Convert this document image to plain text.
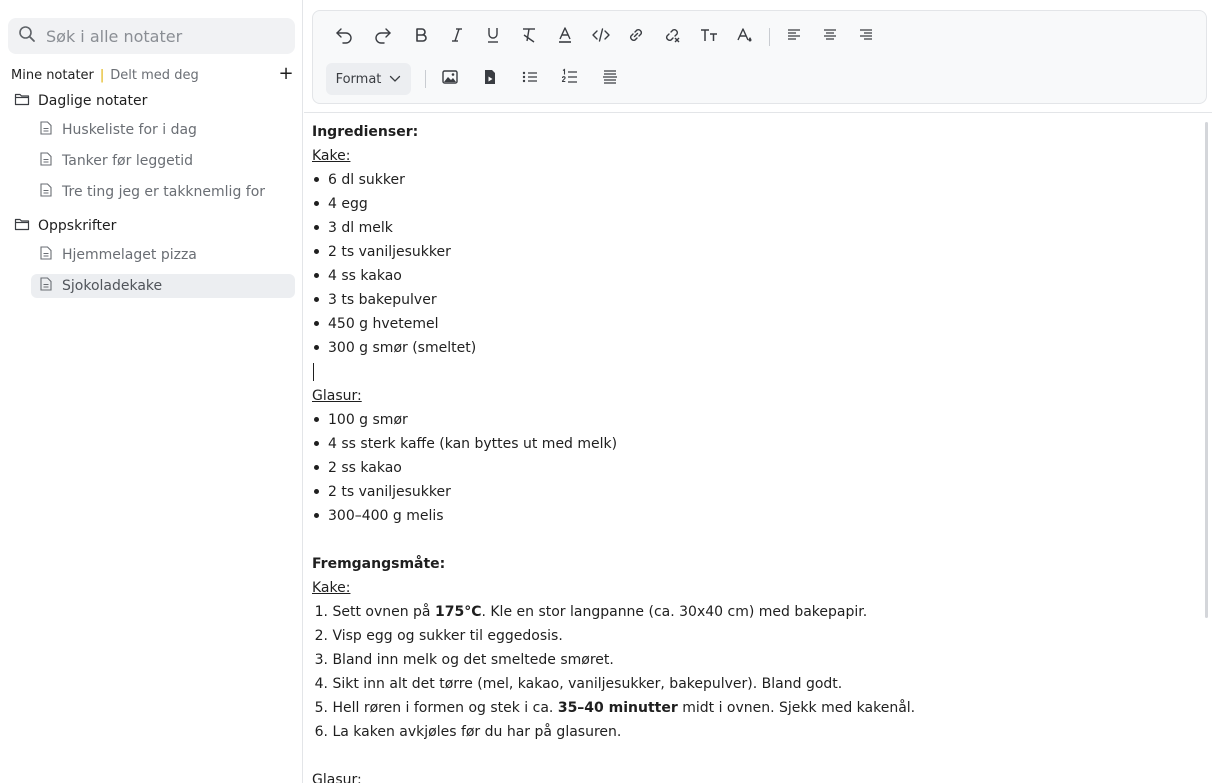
Søk i alle notater
Mine notater | Delt med deg	+
Daglige notater
Huskeliste for i dag
Tanker før leggetid
Tre ting jeg er takknemlig for
Oppskrifter
Hjemmelaget pizza
Sjokoladekake
Format
Ingredienser:
Kake:
6 dl sukker
4 egg
3 dl melk
2 ts vaniljesukker
4 ss kakao
3 ts bakepulver
450 g hvetemel
300 g smør (smeltet)
Glasur:
100 g smør
4 ss sterk kaffe (kan byttes ut med melk)
2 ss kakao
2 ts vaniljesukker
300–400 g melis
Fremgangsmåte:
Kake:
1. Sett ovnen på 175°C. Kle en stor langpanne (ca. 30x40 cm) med bakepapir.
2. Visp egg og sukker til eggedosis.
3. Bland inn melk og det smeltede smøret.
4. Sikt inn alt det tørre (mel, kakao, vaniljesukker, bakepulver). Bland godt.
5. Hell røren i formen og stek i ca. 35–40 minutter midt i ovnen. Sjekk med kakenål.
6. La kaken avkjøles før du har på glasuren.
Glasur:
